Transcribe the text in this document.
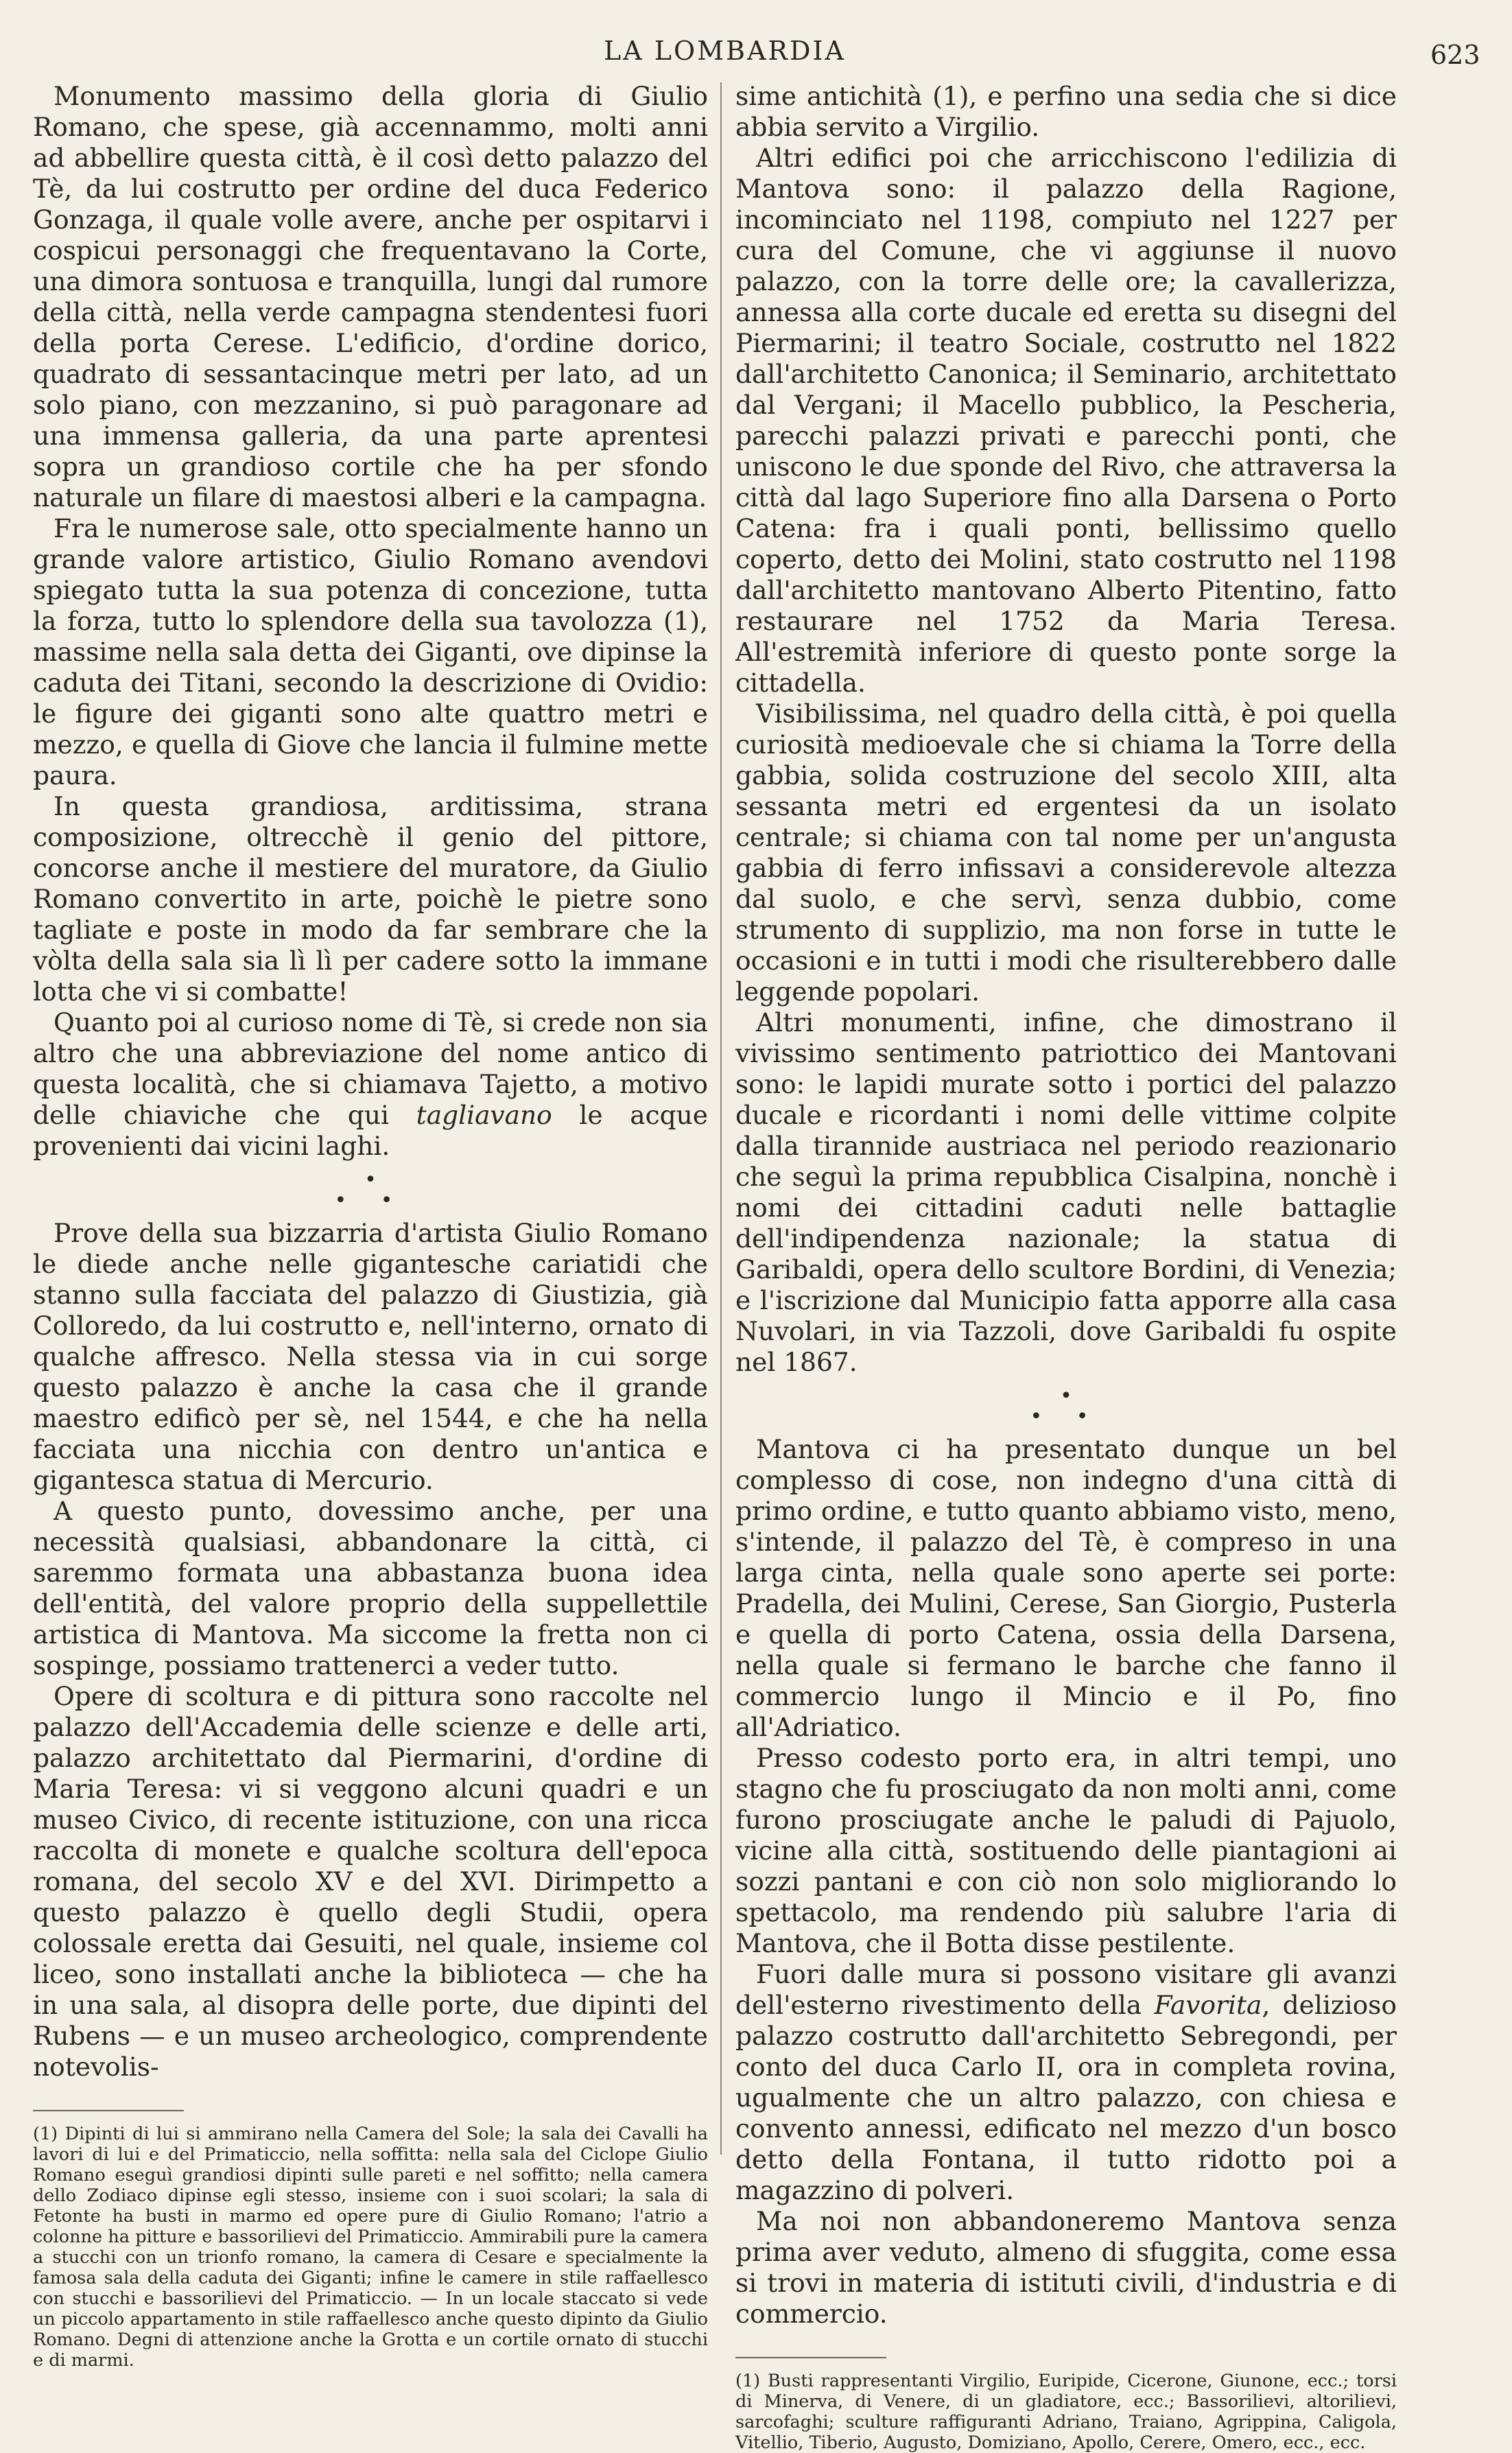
LA LOMBARDIA	623

Monumento massimo della gloria di Giulio Romano, che spese, già accennammo, molti anni ad abbellire questa città, è il così detto palazzo del Tè, da lui costrutto per ordine del duca Federico Gonzaga, il quale volle avere, anche per ospitarvi i cospicui personaggi che frequentavano la Corte, una dimora sontuosa e tranquilla, lungi dal rumore della città, nella verde campagna stendentesi fuori della porta Cerese. L'edificio, d'ordine dorico, quadrato di sessantacinque metri per lato, ad un solo piano, con mezzanino, si può paragonare ad una immensa galleria, da una parte aprentesi sopra un grandioso cortile che ha per sfondo naturale un filare di maestosi alberi e la campagna.

Fra le numerose sale, otto specialmente hanno un grande valore artistico, Giulio Romano avendovi spiegato tutta la sua potenza di concezione, tutta la forza, tutto lo splendore della sua tavolozza (1), massime nella sala detta dei Giganti, ove dipinse la caduta dei Titani, secondo la descrizione di Ovidio: le figure dei giganti sono alte quattro metri e mezzo, e quella di Giove che lancia il fulmine mette paura.

In questa grandiosa, arditissima, strana composizione, oltrecchè il genio del pittore, concorse anche il mestiere del muratore, da Giulio Romano convertito in arte, poichè le pietre sono tagliate e poste in modo da far sembrare che la vòlta della sala sia lì lì per cadere sotto la immane lotta che vi si combatte!

Quanto poi al curioso nome di Tè, si crede non sia altro che una abbreviazione del nome antico di questa località, che si chiamava Tajetto, a motivo delle chiaviche che qui tagliavano le acque provenienti dai vicini laghi.

•
• •

Prove della sua bizzarria d'artista Giulio Romano le diede anche nelle gigantesche cariatidi che stanno sulla facciata del palazzo di Giustizia, già Colloredo, da lui costrutto e, nell'interno, ornato di qualche affresco. Nella stessa via in cui sorge questo palazzo è anche la casa che il grande maestro edificò per sè, nel 1544, e che ha nella facciata una nicchia con dentro un'antica e gigantesca statua di Mercurio.

A questo punto, dovessimo anche, per una necessità qualsiasi, abbandonare la città, ci saremmo formata una abbastanza buona idea dell'entità, del valore proprio della suppellettile artistica di Mantova. Ma siccome la fretta non ci sospinge, possiamo trattenerci a veder tutto.

Opere di scoltura e di pittura sono raccolte nel palazzo dell'Accademia delle scienze e delle arti, palazzo architettato dal Piermarini, d'ordine di Maria Teresa: vi si veggono alcuni quadri e un museo Civico, di recente istituzione, con una ricca raccolta di monete e qualche scoltura dell'epoca romana, del secolo XV e del XVI. Dirimpetto a questo palazzo è quello degli Studii, opera colossale eretta dai Gesuiti, nel quale, insieme col liceo, sono installati anche la biblioteca — che ha in una sala, al disopra delle porte, due dipinti del Rubens — e un museo archeologico, comprendente notevolis-

(1) Dipinti di lui si ammirano nella Camera del Sole; la sala dei Cavalli ha lavori di lui e del Primaticcio, nella soffitta: nella sala del Ciclope Giulio Romano eseguì grandiosi dipinti sulle pareti e nel soffitto; nella camera dello Zodiaco dipinse egli stesso, insieme con i suoi scolari; la sala di Fetonte ha busti in marmo ed opere pure di Giulio Romano; l'atrio a colonne ha pitture e bassorilievi del Primaticcio. Ammirabili pure la camera a stucchi con un trionfo romano, la camera di Cesare e specialmente la famosa sala della caduta dei Giganti; infine le camere in stile raffaellesco con stucchi e bassorilievi del Primaticcio. — In un locale staccato si vede un piccolo appartamento in stile raffaellesco anche questo dipinto da Giulio Romano. Degni di attenzione anche la Grotta e un cortile ornato di stucchi e di marmi.

sime antichità (1), e perfino una sedia che si dice abbia servito a Virgilio.

Altri edifici poi che arricchiscono l'edilizia di Mantova sono: il palazzo della Ragione, incominciato nel 1198, compiuto nel 1227 per cura del Comune, che vi aggiunse il nuovo palazzo, con la torre delle ore; la cavallerizza, annessa alla corte ducale ed eretta su disegni del Piermarini; il teatro Sociale, costrutto nel 1822 dall'architetto Canonica; il Seminario, architettato dal Vergani; il Macello pubblico, la Pescheria, parecchi palazzi privati e parecchi ponti, che uniscono le due sponde del Rivo, che attraversa la città dal lago Superiore fino alla Darsena o Porto Catena: fra i quali ponti, bellissimo quello coperto, detto dei Molini, stato costrutto nel 1198 dall'architetto mantovano Alberto Pitentino, fatto restaurare nel 1752 da Maria Teresa. All'estremità inferiore di questo ponte sorge la cittadella.

Visibilissima, nel quadro della città, è poi quella curiosità medioevale che si chiama la Torre della gabbia, solida costruzione del secolo XIII, alta sessanta metri ed ergentesi da un isolato centrale; si chiama con tal nome per un'angusta gabbia di ferro infissavi a considerevole altezza dal suolo, e che servì, senza dubbio, come strumento di supplizio, ma non forse in tutte le occasioni e in tutti i modi che risulterebbero dalle leggende popolari.

Altri monumenti, infine, che dimostrano il vivissimo sentimento patriottico dei Mantovani sono: le lapidi murate sotto i portici del palazzo ducale e ricordanti i nomi delle vittime colpite dalla tirannide austriaca nel periodo reazionario che seguì la prima repubblica Cisalpina, nonchè i nomi dei cittadini caduti nelle battaglie dell'indipendenza nazionale; la statua di Garibaldi, opera dello scultore Bordini, di Venezia; e l'iscrizione dal Municipio fatta apporre alla casa Nuvolari, in via Tazzoli, dove Garibaldi fu ospite nel 1867.

•
• •

Mantova ci ha presentato dunque un bel complesso di cose, non indegno d'una città di primo ordine, e tutto quanto abbiamo visto, meno, s'intende, il palazzo del Tè, è compreso in una larga cinta, nella quale sono aperte sei porte: Pradella, dei Mulini, Cerese, San Giorgio, Pusterla e quella di porto Catena, ossia della Darsena, nella quale si fermano le barche che fanno il commercio lungo il Mincio e il Po, fino all'Adriatico.

Presso codesto porto era, in altri tempi, uno stagno che fu prosciugato da non molti anni, come furono prosciugate anche le paludi di Pajuolo, vicine alla città, sostituendo delle piantagioni ai sozzi pantani e con ciò non solo migliorando lo spettacolo, ma rendendo più salubre l'aria di Mantova, che il Botta disse pestilente.

Fuori dalle mura si possono visitare gli avanzi dell'esterno rivestimento della Favorita, delizioso palazzo costrutto dall'architetto Sebregondi, per conto del duca Carlo II, ora in completa rovina, ugualmente che un altro palazzo, con chiesa e convento annessi, edificato nel mezzo d'un bosco detto della Fontana, il tutto ridotto poi a magazzino di polveri.

Ma noi non abbandoneremo Mantova senza prima aver veduto, almeno di sfuggita, come essa si trovi in materia di istituti civili, d'industria e di commercio.

(1) Busti rappresentanti Virgilio, Euripide, Cicerone, Giunone, ecc.; torsi di Minerva, di Venere, di un gladiatore, ecc.; Bassorilievi, altorilievi, sarcofaghi; sculture raffiguranti Adriano, Traiano, Agrippina, Caligola, Vitellio, Tiberio, Augusto, Domiziano, Apollo, Cerere, Omero, ecc., ecc.
